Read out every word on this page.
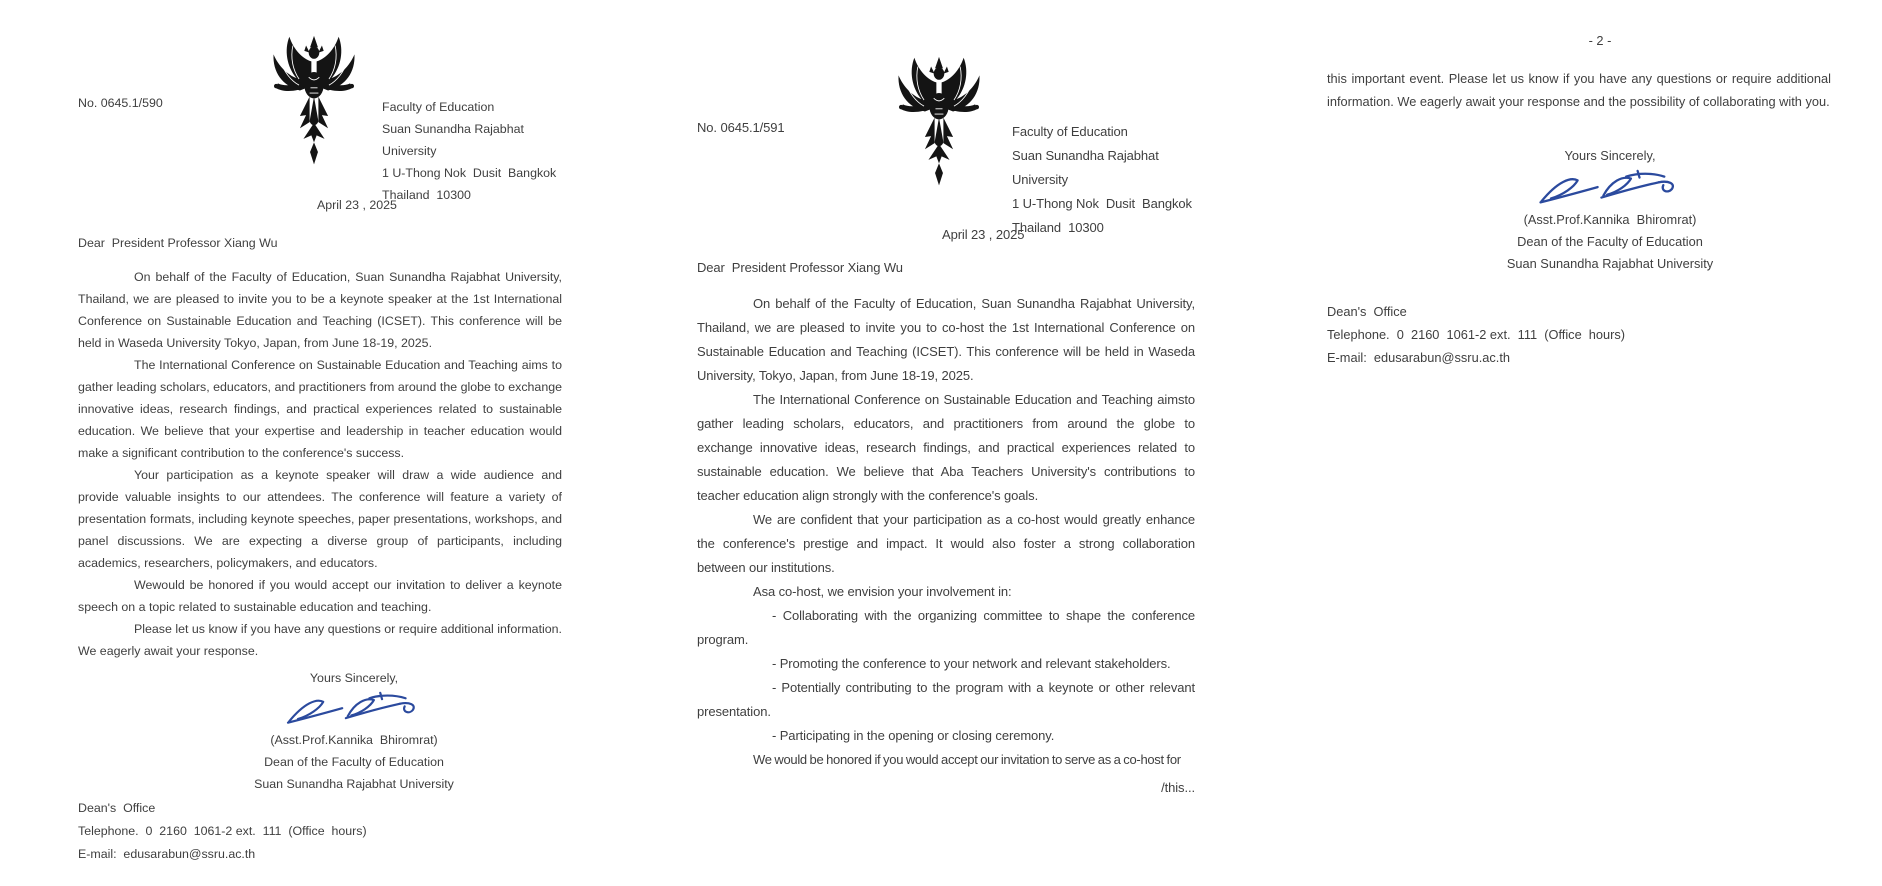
No. 0645.1/590	Faculty of Education
Suan Sunandha Rajabhat University
1 U-Thong Nok  Dusit  Bangkok
Thailand  10300
April 23 , 2025
Dear  President Professor Xiang Wu

On behalf of the Faculty of Education, Suan Sunandha Rajabhat University, Thailand, we are pleased to invite you to be a keynote speaker at the 1st International Conference on Sustainable Education and Teaching (ICSET). This conference will be held in Waseda University Tokyo, Japan, from June 18-19, 2025.

The International Conference on Sustainable Education and Teaching aims to gather leading scholars, educators, and practitioners from around the globe to exchange innovative ideas, research findings, and practical experiences related to sustainable education. We believe that your expertise and leadership in teacher education would make a significant contribution to the conference's success.

Your participation as a keynote speaker will draw a wide audience and provide valuable insights to our attendees. The conference will feature a variety of presentation formats, including keynote speeches, paper presentations, workshops, and panel discussions. We are expecting a diverse group of participants, including academics, researchers, policymakers, and educators.

Wewould be honored if you would accept our invitation to deliver a keynote speech on a topic related to sustainable education and teaching.

Please let us know if you have any questions or require additional information. We eagerly await your response.

Yours Sincerely,
(Asst.Prof.Kannika  Bhiromrat)
Dean of the Faculty of Education
Suan Sunandha Rajabhat University
Dean's  Office
Telephone.  0  2160  1061-2 ext.  111  (Office  hours)
E-mail:  edusarabun@ssru.ac.th
No. 0645.1/591	Faculty of Education
Suan Sunandha Rajabhat University
1 U-Thong Nok  Dusit  Bangkok
Thailand  10300
April 23 , 2025
Dear  President Professor Xiang Wu

On behalf of the Faculty of Education, Suan Sunandha Rajabhat University, Thailand, we are pleased to invite you to co-host the 1st International Conference on Sustainable Education and Teaching (ICSET). This conference will be held in Waseda University, Tokyo, Japan, from June 18-19, 2025.

The International Conference on Sustainable Education and Teaching aimsto gather leading scholars, educators, and practitioners from around the globe to exchange innovative ideas, research findings, and practical experiences related to sustainable education. We believe that Aba Teachers University's contributions to teacher education align strongly with the conference's goals.

We are confident that your participation as a co-host would greatly enhance the conference's prestige and impact. It would also foster a strong collaboration between our institutions.

Asa co-host, we envision your involvement in:

- Collaborating with the organizing committee to shape the conference program.

- Promoting the conference to your network and relevant stakeholders.

- Potentially contributing to the program with a keynote or other relevant presentation.

- Participating in the opening or closing ceremony.

We would be honored if you would accept our invitation to serve as a co-host for

/this...
- 2 -

this important event. Please let us know if you have any questions or require additional information. We eagerly await your response and the possibility of collaborating with you.

Yours Sincerely,
(Asst.Prof.Kannika  Bhiromrat)
Dean of the Faculty of Education
Suan Sunandha Rajabhat University
Dean's  Office
Telephone.  0  2160  1061-2 ext.  111  (Office  hours)
E-mail:  edusarabun@ssru.ac.th
